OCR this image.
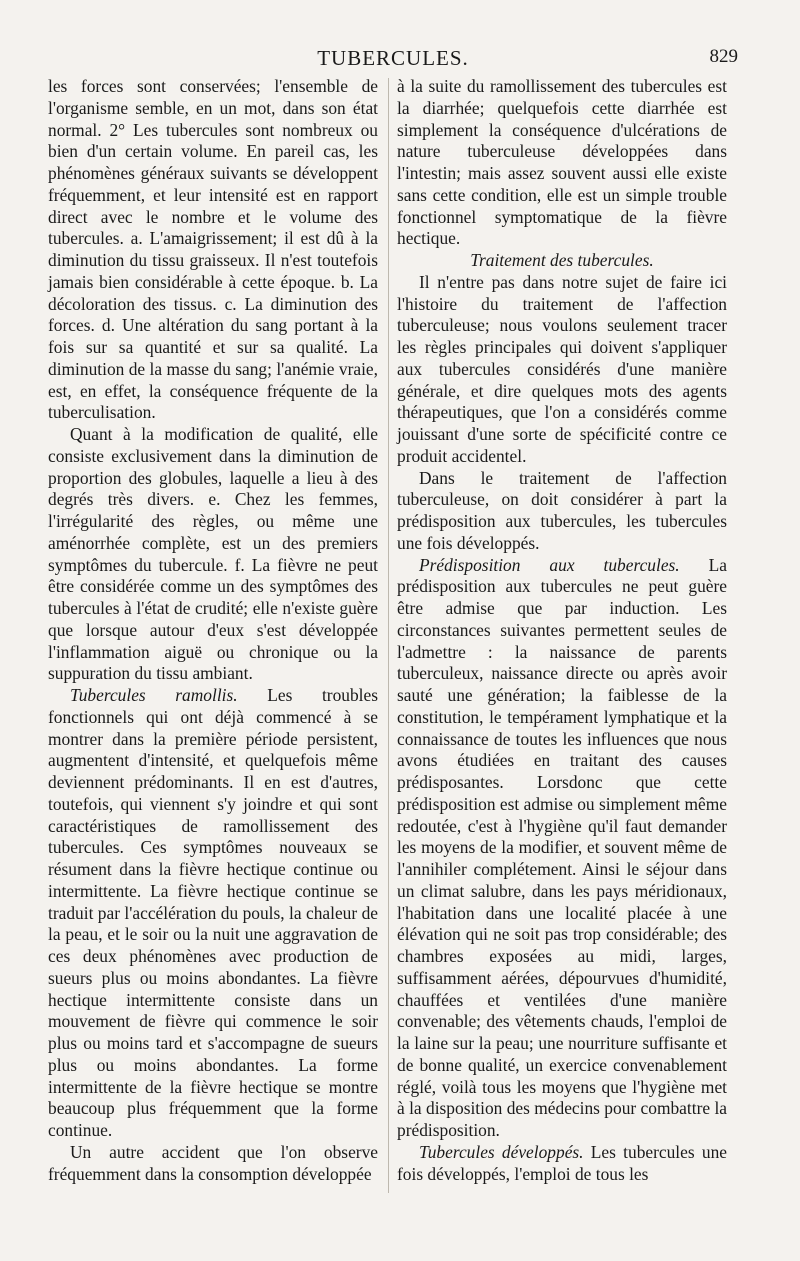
TUBERCULES.	829

les forces sont conservées; l'ensemble de l'organisme semble, en un mot, dans son état normal. 2° Les tubercules sont nombreux ou bien d'un certain volume. En pareil cas, les phénomènes généraux suivants se développent fréquemment, et leur intensité est en rapport direct avec le nombre et le volume des tubercules. a. L'amaigrissement; il est dû à la diminution du tissu graisseux. Il n'est toutefois jamais bien considérable à cette époque. b. La décoloration des tissus. c. La diminution des forces. d. Une altération du sang portant à la fois sur sa quantité et sur sa qualité. La diminution de la masse du sang; l'anémie vraie, est, en effet, la conséquence fréquente de la tuberculisation.

Quant à la modification de qualité, elle consiste exclusivement dans la diminution de proportion des globules, laquelle a lieu à des degrés très divers. e. Chez les femmes, l'irrégularité des règles, ou même une aménorrhée complète, est un des premiers symptômes du tubercule. f. La fièvre ne peut être considérée comme un des symptômes des tubercules à l'état de crudité; elle n'existe guère que lorsque autour d'eux s'est développée l'inflammation aiguë ou chronique ou la suppuration du tissu ambiant.

Tubercules ramollis. Les troubles fonctionnels qui ont déjà commencé à se montrer dans la première période persistent, augmentent d'intensité, et quelquefois même deviennent prédominants. Il en est d'autres, toutefois, qui viennent s'y joindre et qui sont caractéristiques de ramollissement des tubercules. Ces symptômes nouveaux se résument dans la fièvre hectique continue ou intermittente. La fièvre hectique continue se traduit par l'accélération du pouls, la chaleur de la peau, et le soir ou la nuit une aggravation de ces deux phénomènes avec production de sueurs plus ou moins abondantes. La fièvre hectique intermittente consiste dans un mouvement de fièvre qui commence le soir plus ou moins tard et s'accompagne de sueurs plus ou moins abondantes. La forme intermittente de la fièvre hectique se montre beaucoup plus fréquemment que la forme continue.

Un autre accident que l'on observe fréquemment dans la consomption développée

à la suite du ramollissement des tubercules est la diarrhée; quelquefois cette diarrhée est simplement la conséquence d'ulcérations de nature tuberculeuse développées dans l'intestin; mais assez souvent aussi elle existe sans cette condition, elle est un simple trouble fonctionnel symptomatique de la fièvre hectique.

Traitement des tubercules.

Il n'entre pas dans notre sujet de faire ici l'histoire du traitement de l'affection tuberculeuse; nous voulons seulement tracer les règles principales qui doivent s'appliquer aux tubercules considérés d'une manière générale, et dire quelques mots des agents thérapeutiques, que l'on a considérés comme jouissant d'une sorte de spécificité contre ce produit accidentel.

Dans le traitement de l'affection tuberculeuse, on doit considérer à part la prédisposition aux tubercules, les tubercules une fois développés.

Prédisposition aux tubercules. La prédisposition aux tubercules ne peut guère être admise que par induction. Les circonstances suivantes permettent seules de l'admettre : la naissance de parents tuberculeux, naissance directe ou après avoir sauté une génération; la faiblesse de la constitution, le tempérament lymphatique et la connaissance de toutes les influences que nous avons étudiées en traitant des causes prédisposantes. Lorsdonc que cette prédisposition est admise ou simplement même redoutée, c'est à l'hygiène qu'il faut demander les moyens de la modifier, et souvent même de l'annihiler complétement. Ainsi le séjour dans un climat salubre, dans les pays méridionaux, l'habitation dans une localité placée à une élévation qui ne soit pas trop considérable; des chambres exposées au midi, larges, suffisamment aérées, dépourvues d'humidité, chauffées et ventilées d'une manière convenable; des vêtements chauds, l'emploi de la laine sur la peau; une nourriture suffisante et de bonne qualité, un exercice convenablement réglé, voilà tous les moyens que l'hygiène met à la disposition des médecins pour combattre la prédisposition.

Tubercules développés. Les tubercules une fois développés, l'emploi de tous les
